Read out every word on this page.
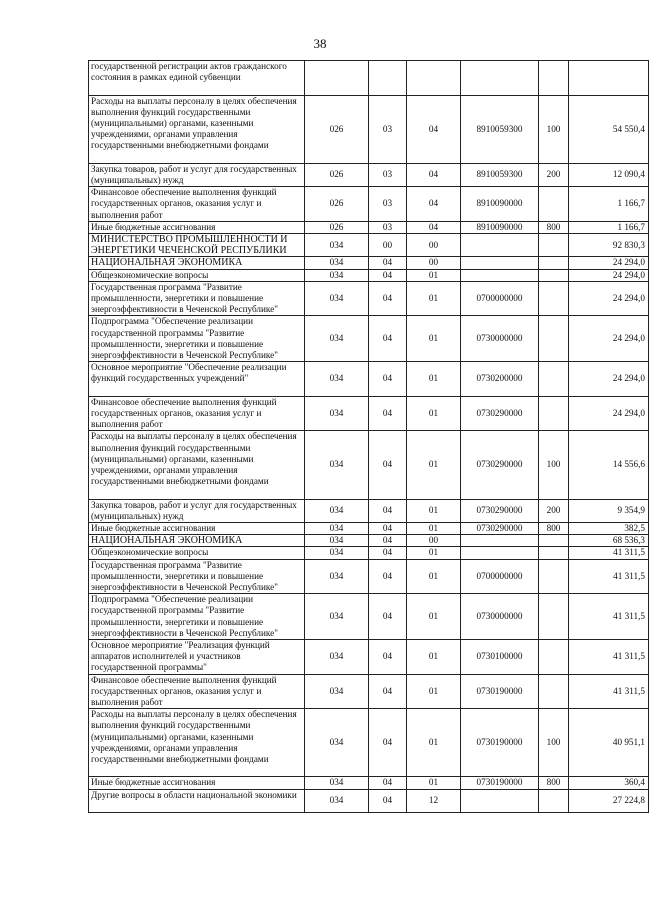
38
государственной регистрации актов гражданского состояния в рамках единой субвенции						
Расходы на выплаты персоналу в целях обеспечения выполнения функций государственными (муниципальными) органами, казенными учреждениями, органами управления государственными внебюджетными фондами	026	03	04	8910059300	100	54 550,4
Закупка товаров, работ и услуг для государственных (муниципальных) нужд	026	03	04	8910059300	200	12 090,4
Финансовое обеспечение выполнения функций государственных органов, оказания услуг и выполнения работ	026	03	04	8910090000		1 166,7
Иные бюджетные ассигнования	026	03	04	8910090000	800	1 166,7
МИНИСТЕРСТВО ПРОМЫШЛЕННОСТИ И ЭНЕРГЕТИКИ ЧЕЧЕНСКОЙ РЕСПУБЛИКИ	034	00	00			92 830,3
НАЦИОНАЛЬНАЯ ЭКОНОМИКА	034	04	00			24 294,0
Общеэкономические вопросы	034	04	01			24 294,0
Государственная программа "Развитие промышленности, энергетики и повышение энергоэффективности в Чеченской Республике"	034	04	01	0700000000		24 294,0
Подпрограмма "Обеспечение реализации государственной программы "Развитие промышленности, энергетики и повышение энергоэффективности в Чеченской Республике"	034	04	01	0730000000		24 294,0
Основное мероприятие "Обеспечение реализации функций государственных учреждений"	034	04	01	0730200000		24 294,0
Финансовое обеспечение выполнения функций государственных органов, оказания услуг и выполнения работ	034	04	01	0730290000		24 294,0
Расходы на выплаты персоналу в целях обеспечения выполнения функций государственными (муниципальными) органами, казенными учреждениями, органами управления государственными внебюджетными фондами	034	04	01	0730290000	100	14 556,6
Закупка товаров, работ и услуг для государственных (муниципальных) нужд	034	04	01	0730290000	200	9 354,9
Иные бюджетные ассигнования	034	04	01	0730290000	800	382,5
НАЦИОНАЛЬНАЯ ЭКОНОМИКА	034	04	00			68 536,3
Общеэкономические вопросы	034	04	01			41 311,5
Государственная программа "Развитие промышленности, энергетики и повышение энергоэффективности в Чеченской Республике"	034	04	01	0700000000		41 311,5
Подпрограмма "Обеспечение реализации государственной программы "Развитие промышленности, энергетики и повышение энергоэффективности в Чеченской Республике"	034	04	01	0730000000		41 311,5
Основное мероприятие "Реализация функций аппаратов исполнителей и участников государственной программы"	034	04	01	0730100000		41 311,5
Финансовое обеспечение выполнения функций государственных органов, оказания услуг и выполнения работ	034	04	01	0730190000		41 311,5
Расходы на выплаты персоналу в целях обеспечения выполнения функций государственными (муниципальными) органами, казенными учреждениями, органами управления государственными внебюджетными фондами	034	04	01	0730190000	100	40 951,1
Иные бюджетные ассигнования	034	04	01	0730190000	800	360,4
Другие вопросы в области национальной экономики	034	04	12			27 224,8
